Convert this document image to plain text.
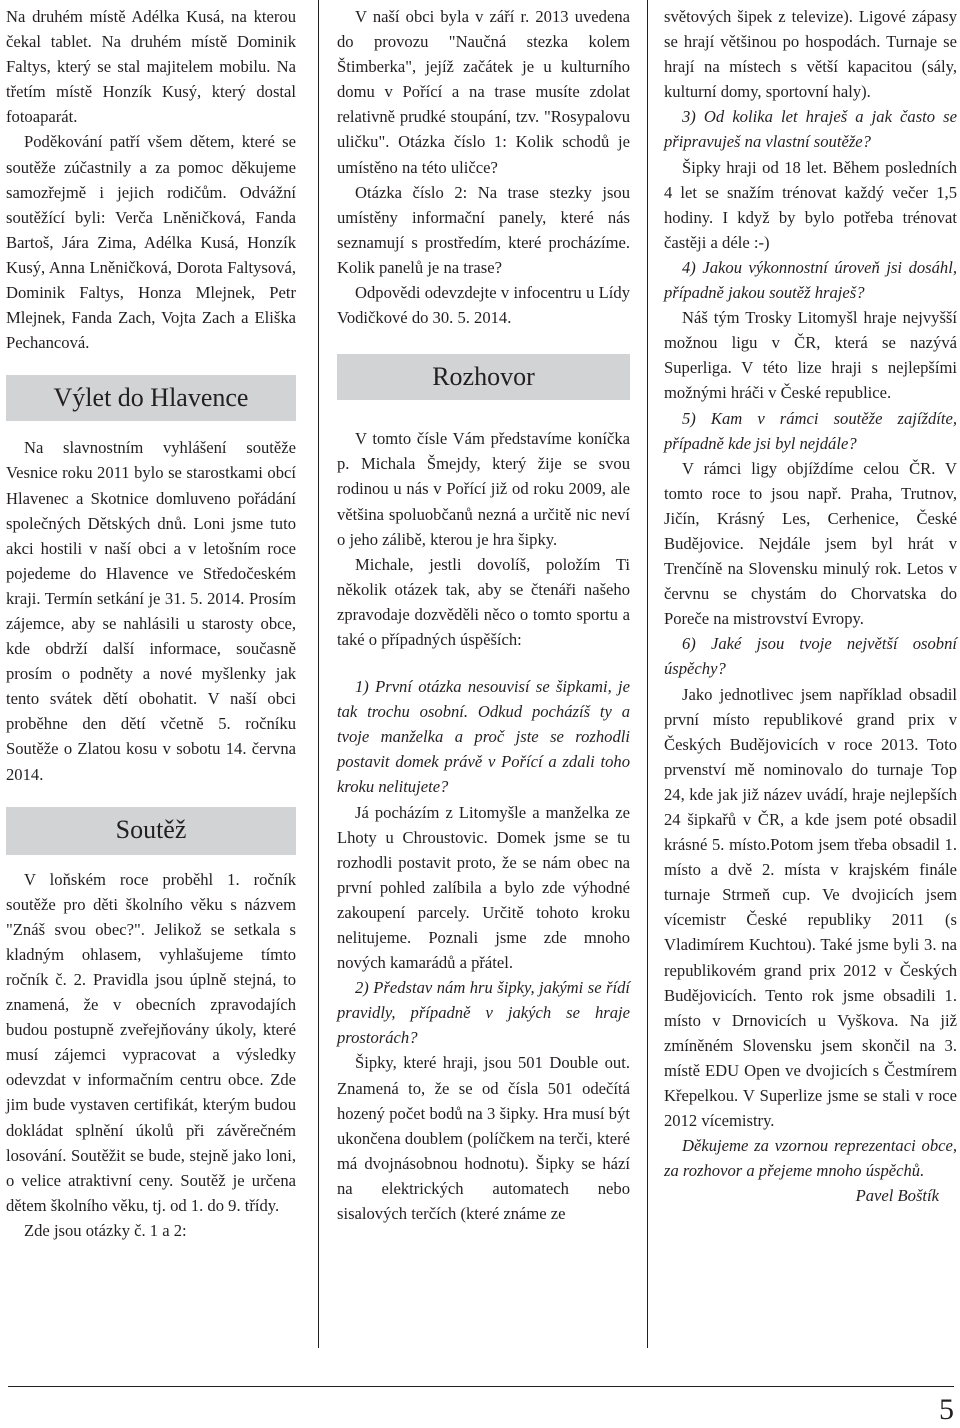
Na druhém místě Adélka Kusá, na kterou čekal tablet. Na druhém místě Dominik Faltys, který se stal majitelem mobilu. Na třetím místě Honzík Kusý, který dostal fotoaparát.

Poděkování patří všem dětem, které se soutěže zúčastnily a za pomoc děkujeme samozřejmě i jejich rodičům. Odvážní soutěžící byli: Verča Lněničková, Fanda Bartoš, Jára Zima, Adélka Kusá, Honzík Kusý, Anna Lněničková, Dorota Faltysová, Dominik Faltys, Honza Mlejnek, Petr Mlejnek, Fanda Zach, Vojta Zach a Eliška Pechancová.

Výlet do Hlavence

Na slavnostním vyhlášení soutěže Vesnice roku 2011 bylo se starostkami obcí Hlavenec a Skotnice domluveno pořádání společných Dětských dnů. Loni jsme tuto akci hostili v naší obci a v letošním roce pojedeme do Hlavence ve Středočeském kraji. Termín setkání je 31. 5. 2014. Prosím zájemce, aby se nahlásili u starosty obce, kde obdrží další informace, současně prosím o podněty a nové myšlenky jak tento svátek dětí obohatit. V naší obci proběhne den dětí včetně 5. ročníku Soutěže o Zlatou kosu v sobotu 14. června 2014.

Soutěž

V loňském roce proběhl 1. ročník soutěže pro děti školního věku s názvem "Znáš svou obec?". Jelikož se setkala s kladným ohlasem, vyhlašujeme tímto ročník č. 2. Pravidla jsou úplně stejná, to znamená, že v obecních zpravodajích budou postupně zveřejňovány úkoly, které musí zájemci vypracovat a výsledky odevzdat v informačním centru obce. Zde jim bude vystaven certifikát, kterým budou dokládat splnění úkolů při závěrečném losování. Soutěžit se bude, stejně jako loni, o velice atraktivní ceny. Soutěž je určena dětem školního věku, tj. od 1. do 9. třídy.

Zde jsou otázky č. 1 a 2:

V naší obci byla v září r. 2013 uvedena do provozu "Naučná stezka kolem Štimberka", jejíž začátek je u kulturního domu v Pořící a na trase musíte zdolat relativně prudké stoupání, tzv. "Rosypalovu uličku". Otázka číslo 1: Kolik schodů je umístěno na této uličce?

Otázka číslo 2: Na trase stezky jsou umístěny informační panely, které nás seznamují s prostředím, které procházíme. Kolik panelů je na trase?

Odpovědi odevzdejte v infocentru u Lídy Vodičkové do 30. 5. 2014.

Rozhovor

V tomto čísle Vám představíme koníčka p. Michala Šmejdy, který žije se svou rodinou u nás v Pořící již od roku 2009, ale většina spoluobčanů nezná a určitě nic neví o jeho zálibě, kterou je hra šipky.

Michale, jestli dovolíš, položím Ti několik otázek tak, aby se čtenáři našeho zpravodaje dozvěděli něco o tomto sportu a také o případných úspěších:

1) První otázka nesouvisí se šipkami, je tak trochu osobní. Odkud pocházíš ty a tvoje manželka a proč jste se rozhodli postavit domek právě v Pořící a zdali toho kroku nelitujete?

Já pocházím z Litomyšle a manželka ze Lhoty u Chroustovic. Domek jsme se tu rozhodli postavit proto, že se nám obec na první pohled zalíbila a bylo zde výhodné zakoupení parcely. Určitě tohoto kroku nelitujeme. Poznali jsme zde mnoho nových kamarádů a přátel.

2) Představ nám hru šipky, jakými se řídí pravidly, případně v jakých se hraje prostorách?

Šipky, které hraji, jsou 501 Double out. Znamená to, že se od čísla 501 odečítá hozený počet bodů na 3 šipky. Hra musí být ukončena doublem (políčkem na terči, které má dvojnásobnou hodnotu). Šipky se hází na elektrických automatech nebo sisalových terčích (které známe ze

světových šipek z televize). Ligové zápasy se hrají většinou po hospodách. Turnaje se hrají na místech s větší kapacitou (sály, kulturní domy, sportovní haly).

3) Od kolika let hraješ a jak často se připravuješ na vlastní soutěže?

Šipky hraji od 18 let. Během posledních 4 let se snažím trénovat každý večer 1,5 hodiny. I když by bylo potřeba trénovat častěji a déle :-)

4) Jakou výkonnostní úroveň jsi dosáhl, případně jakou soutěž hraješ?

Náš tým Trosky Litomyšl hraje nejvyšší možnou ligu v ČR, která se nazývá Superliga. V této lize hraji s nejlepšími možnými hráči v České republice.

5) Kam v rámci soutěže zajíždíte, případně kde jsi byl nejdále?

V rámci ligy objíždíme celou ČR. V tomto roce to jsou např. Praha, Trutnov, Jičín, Krásný Les, Cerhenice, České Budějovice. Nejdále jsem byl hrát v Trenčíně na Slovensku minulý rok. Letos v červnu se chystám do Chorvatska do Poreče na mistrovství Evropy.

6) Jaké jsou tvoje největší osobní úspěchy?

Jako jednotlivec jsem například obsadil první místo republikové grand prix v Českých Budějovicích v roce 2013. Toto prvenství mě nominovalo do turnaje Top 24, kde jak již název uvádí, hraje nejlepších 24 šipkařů v ČR, a kde jsem poté obsadil krásné 5. místo.Potom jsem třeba obsadil 1. místo a dvě 2. místa v krajském finále turnaje Strmeň cup. Ve dvojicích jsem vícemistr České republiky 2011 (s Vladimírem Kuchtou). Také jsme byli 3. na republikovém grand prix 2012 v Českých Budějovicích. Tento rok jsme obsadili 1. místo v Drnovicích u Vyškova. Na již zmíněném Slovensku jsem skončil na 3. místě EDU Open ve dvojicích s Čestmírem Křepelkou. V Superlize jsme se stali v roce 2012 vícemistry.

Děkujeme za vzornou reprezentaci obce, za rozhovor a přejeme mnoho úspěchů.

Pavel Boštík

5
